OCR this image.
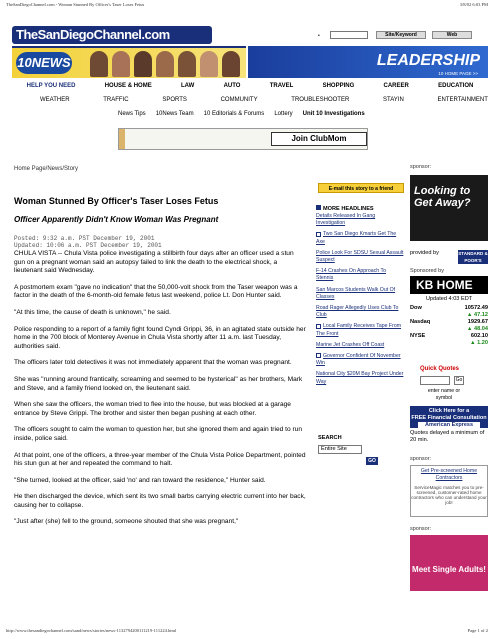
TheSanDiegoChannel.com - Woman Stunned By Officer's Taser Loses Fetus	3/8/02 6:03 PM
TheSanDiegoChannel.com	•	Site/Keyword	Web
10NEWS	LEADERSHIP
10 HOME PAGE >>
HELP YOU NEED	HOUSE & HOME	LAW	AUTO	TRAVEL	SHOPPING	CAREER	EDUCATION
WEATHER	TRAFFIC	SPORTS	COMMUNITY	TROUBLESHOOTER	STAYIN	ENTERTAINMENT
News Tips 10News Team 10 Editorials & Forums Lottery Unit 10 Investigations
Join ClubMom
Home Page/News/Story	sponsor:
E-mail this story to a friend
Woman Stunned By Officer's Taser Loses Fetus
Officer Apparently Didn't Know Woman Was Pregnant
Posted: 9:32 a.m. PST December 19, 2001
Updated: 10:06 a.m. PST December 19, 2001

CHULA VISTA -- Chula Vista police investigating a stillbirth four days after an officer used a stun gun on a pregnant woman said an autopsy failed to link the death to the electrical shock, a lieutenant said Wednesday.

A postmortem exam "gave no indication" that the 50,000-volt shock from the Taser weapon was a factor in the death of the 6-month-old female fetus last weekend, police Lt. Don Hunter said.

"At this time, the cause of death is unknown," he said.

Police responding to a report of a family fight found Cyndi Grippi, 36, in an agitated state outside her home in the 700 block of Monterey Avenue in Chula Vista shortly after 11 a.m. last Tuesday, authorities said.

The officers later told detectives it was not immediately apparent that the woman was pregnant.

She was "running around frantically, screaming and seemed to be hysterical" as her brothers, Mark and Steve, and a family friend looked on, the lieutenant said.

When she saw the officers, the woman tried to flee into the house, but was blocked at a garage entrance by Steve Grippi. The brother and sister then began pushing at each other.

The officers sought to calm the woman to question her, but she ignored them and again tried to run inside, police said.

At that point, one of the officers, a three-year member of the Chula Vista Police Department, pointed his stun gun at her and repeated the command to halt.

"She turned, looked at the officer, said 'no' and ran toward the residence," Hunter said.

He then discharged the device, which sent its two small barbs carrying electric current into her back, causing her to collapse.

"Just after (she) fell to the ground, someone shouted that she was pregnant,"

MORE HEADLINES
Details Released In Gang Investigation
Two San Diego Kmarts Get The Axe
Police Look For SDSU Sexual Assault Suspect
F-14 Crashes On Approach To Stennis
San Marcos Students Walk Out Of Classes
Road Rager Allegedly Uses Club To Club
Local Family Receives Tape From The Front
Marine Jet Crashes Off Coast
Governor Confident Of November Win
National City $20M Bay Project Under Way
SEARCH
Entire Site
GO
Looking to Get Away?
provided by	STANDARD & POOR'S
Sponsored by
KB HOME
Updated 4:03 EDT
Dow	10572.49
▲ 47.12
Nasdaq	1929.67
▲ 48.04
NYSE	602.10
▲ 1.20
Quick Quotes
Go
enter name or symbol
Click Here for a
FREE Financial Consultation
American Express
Quotes delayed a minimum of 20 min.
sponsor:
Get Pre-screened Home Contractors
ServiceMagic matches you to pre-screened, customer-rated home contractors who can understand your job!
sponsor:
Meet Single Adults!
http://www.thesandiegochannel.com/sand/news/stories/news-1132794200111219-111224.html	Page 1 of 2
